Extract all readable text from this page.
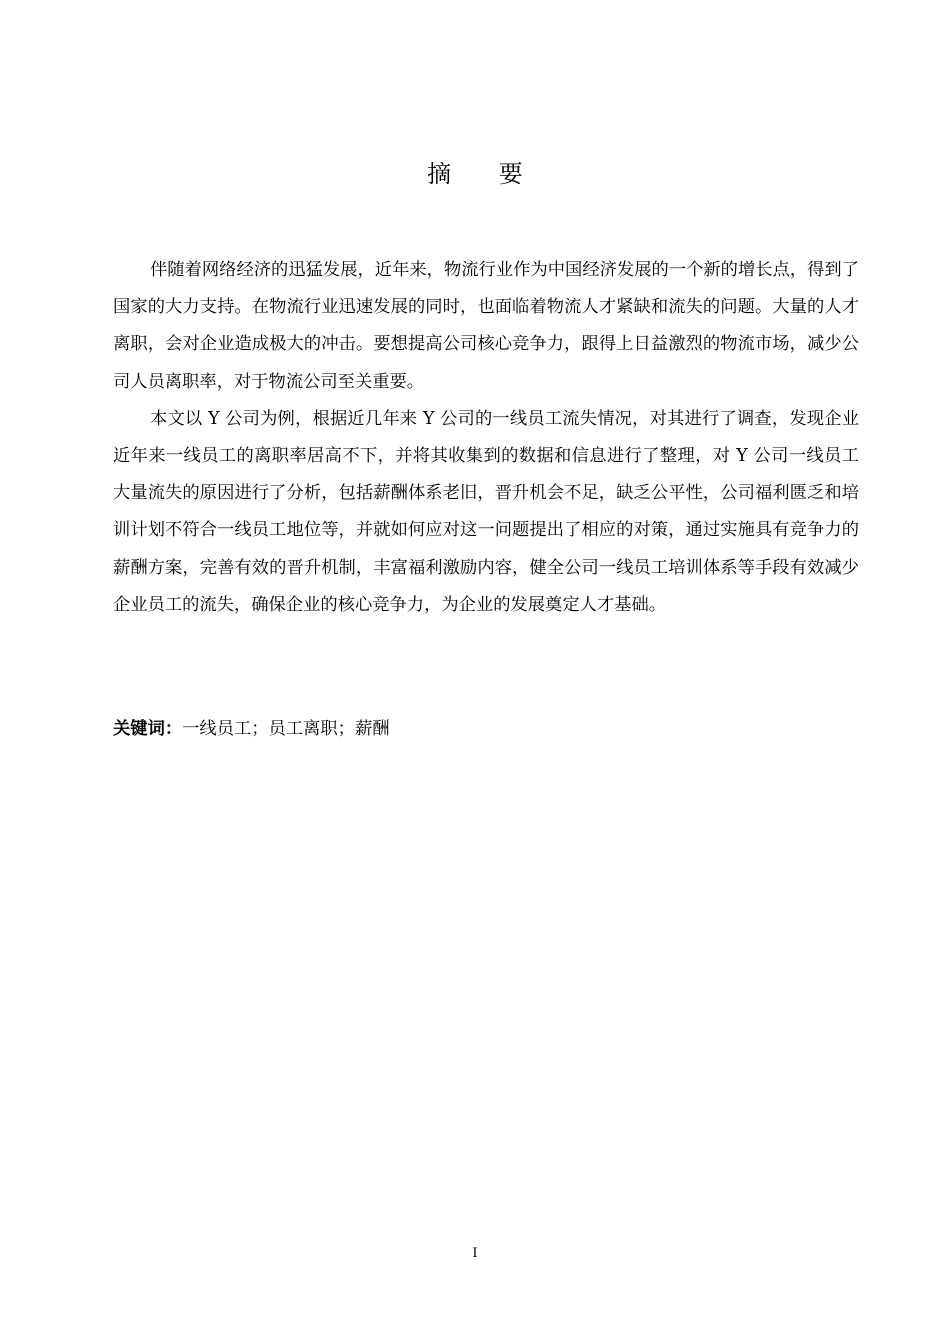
摘 要

伴随着网络经济的迅猛发展，近年来，物流行业作为中国经济发展的一个新的增长点，得到了国家的大力支持。在物流行业迅速发展的同时，也面临着物流人才紧缺和流失的问题。大量的人才离职，会对企业造成极大的冲击。要想提高公司核心竞争力，跟得上日益激烈的物流市场，减少公司人员离职率，对于物流公司至关重要。

本文以 Y 公司为例，根据近几年来 Y 公司的一线员工流失情况，对其进行了调查，发现企业近年来一线员工的离职率居高不下，并将其收集到的数据和信息进行了整理，对 Y 公司一线员工大量流失的原因进行了分析，包括薪酬体系老旧，晋升机会不足，缺乏公平性，公司福利匮乏和培训计划不符合一线员工地位等，并就如何应对这一问题提出了相应的对策，通过实施具有竞争力的薪酬方案，完善有效的晋升机制，丰富福利激励内容，健全公司一线员工培训体系等手段有效减少企业员工的流失，确保企业的核心竞争力，为企业的发展奠定人才基础。

关键词：一线员工；员工离职；薪酬
I
